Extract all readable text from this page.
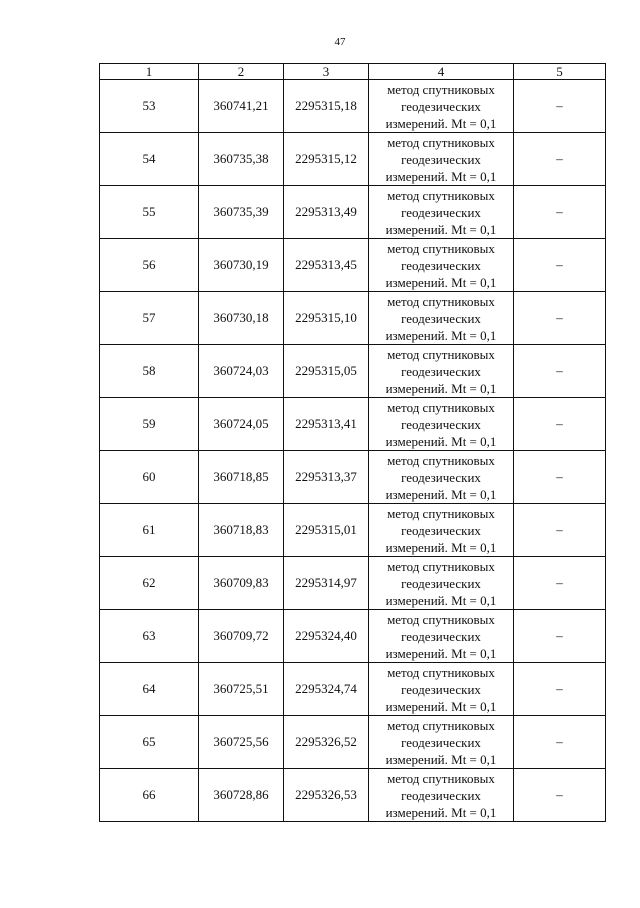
47
1	2	3	4	5
53	360741,21	2295315,18	метод спутниковых
геодезических
измерений. Mt = 0,1	–
54	360735,38	2295315,12	метод спутниковых
геодезических
измерений. Mt = 0,1	–
55	360735,39	2295313,49	метод спутниковых
геодезических
измерений. Mt = 0,1	–
56	360730,19	2295313,45	метод спутниковых
геодезических
измерений. Mt = 0,1	–
57	360730,18	2295315,10	метод спутниковых
геодезических
измерений. Mt = 0,1	–
58	360724,03	2295315,05	метод спутниковых
геодезических
измерений. Mt = 0,1	–
59	360724,05	2295313,41	метод спутниковых
геодезических
измерений. Mt = 0,1	–
60	360718,85	2295313,37	метод спутниковых
геодезических
измерений. Mt = 0,1	–
61	360718,83	2295315,01	метод спутниковых
геодезических
измерений. Mt = 0,1	–
62	360709,83	2295314,97	метод спутниковых
геодезических
измерений. Mt = 0,1	–
63	360709,72	2295324,40	метод спутниковых
геодезических
измерений. Mt = 0,1	–
64	360725,51	2295324,74	метод спутниковых
геодезических
измерений. Mt = 0,1	–
65	360725,56	2295326,52	метод спутниковых
геодезических
измерений. Mt = 0,1	–
66	360728,86	2295326,53	метод спутниковых
геодезических
измерений. Mt = 0,1	–
